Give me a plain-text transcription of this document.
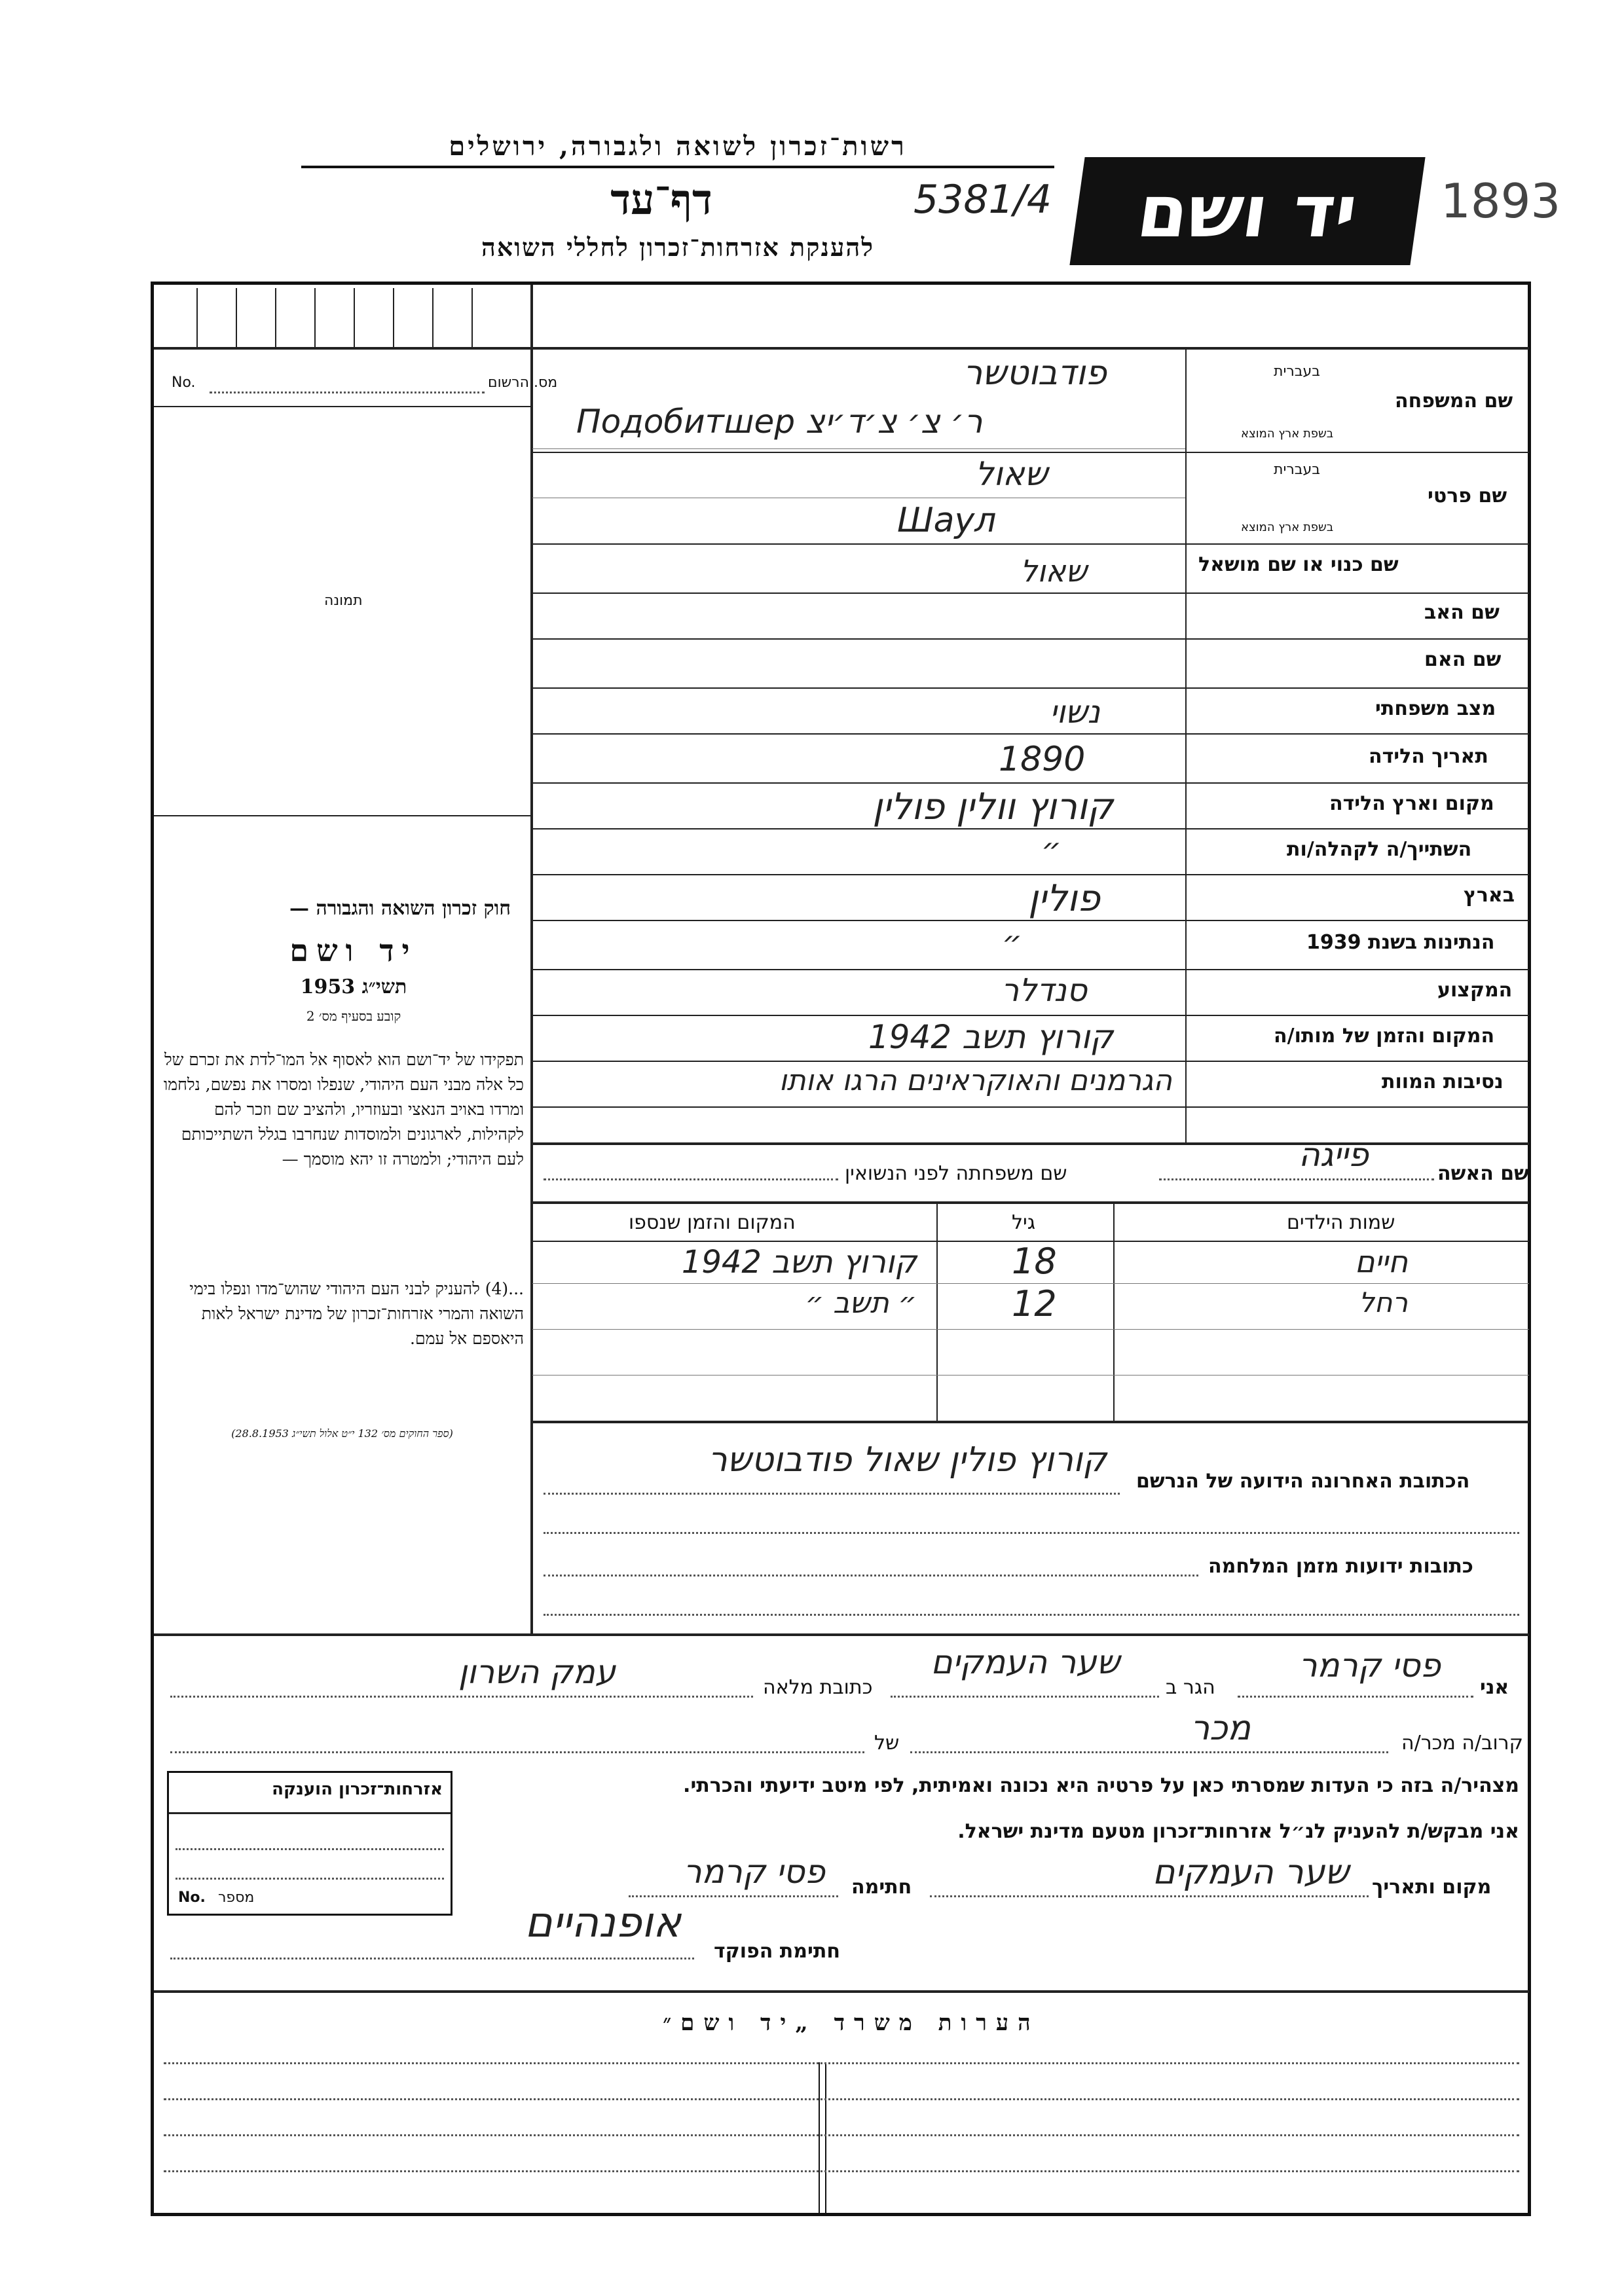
רשות־זכרון לשואה ולגבורה, ירושלים
דף־עד	5381/4
להענקת אזרחות־זכרון לחללי השואה	יד ושם 1893
מס. הרשום
No.
תמונה
חוק זכרון השואה והגבורה —
יד ושם
תשי״ג 1953
קובע בסעיף מס׳ 2
תפקידו של יד־ושם הוא לאסוף אל המו־לדת את זכרם של כל אלה מבני העם היהודי, שנפלו ומסרו את נפשם, נלחמו ומרדו באויב הנאצי ובעוזריו, ולהציב שם וזכר להם לקהילות, לארגונים ולמוסדות שנחרבו בגלל השתייכותם לעם היהודי; ולמטרה זו יהא מוסמך —
...(4) להעניק לבני העם היהודי שהוש־מדו ונפלו בימי השואה והמרי אזרחות־זכרון של מדינת ישראל לאות היאספם אל עמם.
(ספר החוקים מס׳ 132 י״ט אלול תשי״ג 28.8.1953)
בעברית
שם המשפחה
בשפת ארץ המוצא
פודבוטשר
Подобитшер ר׳ צ׳ צ׳ד׳יצ
בעברית
שם פרטי
בשפת ארץ המוצא
שאול
Шаул
שם כנוי או שם מושאל
שאול
שם האב
שם האם
מצב משפחתי
נשוי
תאריך הלידה
1890
מקום וארץ הלידה
קורוץ וולין פולין
השתייך/ה לקהלה/ות
״
בארץ
פולין
הנתינות בשנת 1939
״
המקצוע
סנדלר
המקום והזמן של מותו/ה
קורוץ תשב 1942
נסיבות המוות
הגרמנים והאוקראינים הרגו אותו
שם האשה
פייגה
שם משפחתה לפני הנשואין
שמות הילדים
גיל
המקום והזמן שנספו
חיים
18
קורוץ תשב 1942
רחל
12
״ תשב ״
הכתובת האחרונה הידועה של הנרשם
קורוץ פולין שאול פודבוטשר
כתובות ידועות מזמן המלחמה
אני
פסי קרמר
הגר ב
שער העמקים
כתובת מלאה
עמק השרון
קרוב/ה מכר/ה
מכר
של
מצהיר/ה בזה כי העדות שמסרתי כאן על פרטיה היא נכונה ואמיתית, לפי מיטב ידיעתי והכרתי.
אני מבקש/ת להעניק לנ״ל אזרחות־זכרון מטעם מדינת ישראל.
מקום ותאריך
שער העמקים
חתימה
פסי קרמר
חתימת הפוקד
אופנהיים
אזרחות־זכרון הוענקה
No. מספר
הערות משרד „יד ושם״
